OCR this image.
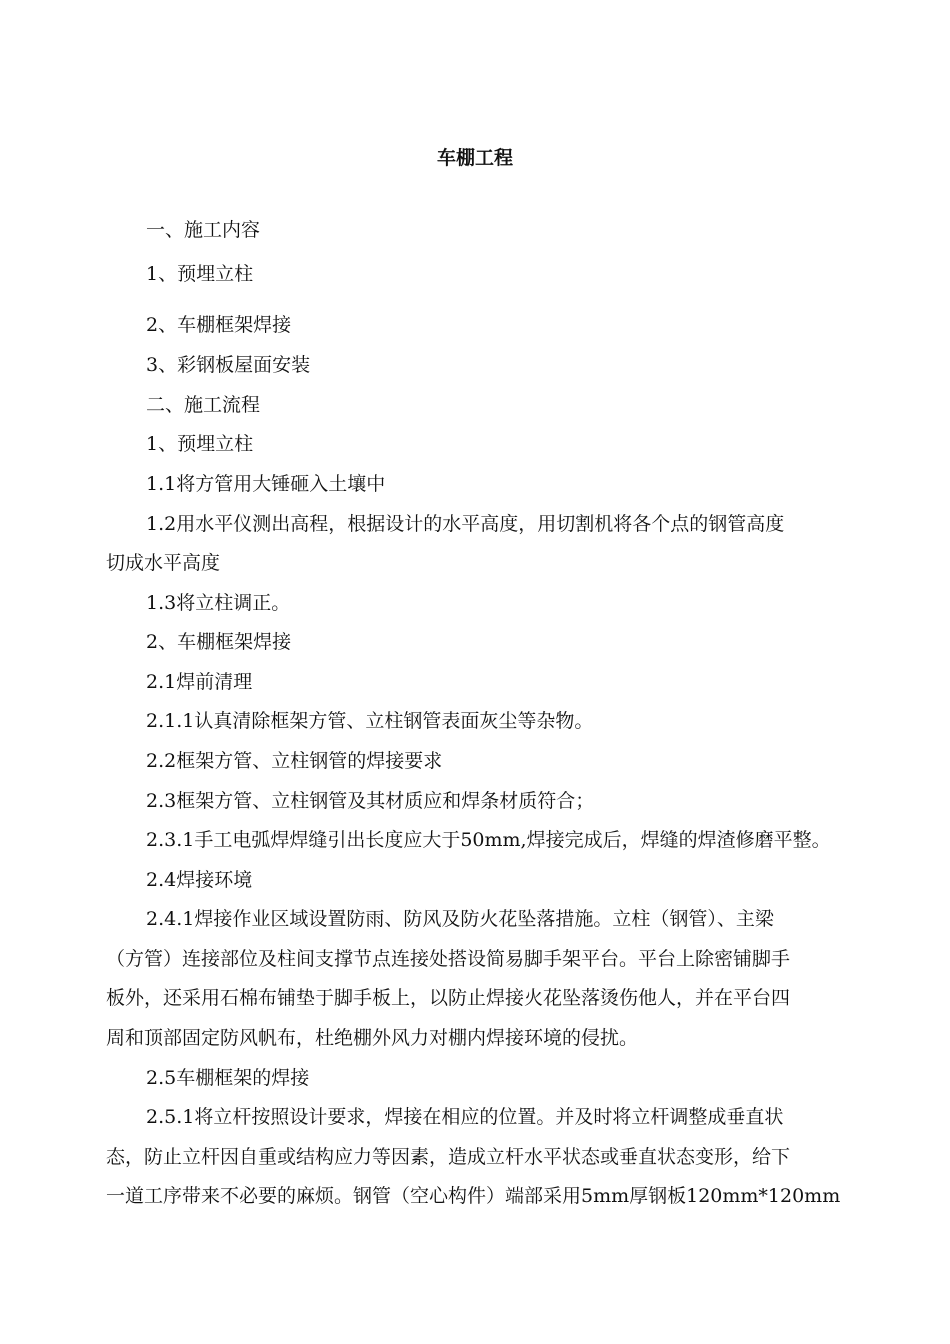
车棚工程
一、施工内容
1、预埋立柱
2、车棚框架焊接
3、彩钢板屋面安装
二、施工流程
1、预埋立柱
1.1将方管用大锤砸入土壤中
1.2用水平仪测出高程，根据设计的水平高度，用切割机将各个点的钢管高度
切成水平高度
1.3将立柱调正。
2、车棚框架焊接
2.1焊前清理
2.1.1认真清除框架方管、立柱钢管表面灰尘等杂物。
2.2框架方管、立柱钢管的焊接要求
2.3框架方管、立柱钢管及其材质应和焊条材质符合；
2.3.1手工电弧焊焊缝引出长度应大于50mm,焊接完成后，焊缝的焊渣修磨平整。
2.4焊接环境
2.4.1焊接作业区域设置防雨、防风及防火花坠落措施。立柱（钢管）、主梁
（方管）连接部位及柱间支撑节点连接处搭设简易脚手架平台。平台上除密铺脚手
板外，还采用石棉布铺垫于脚手板上，以防止焊接火花坠落烫伤他人，并在平台四
周和顶部固定防风帆布，杜绝棚外风力对棚内焊接环境的侵扰。
2.5车棚框架的焊接
2.5.1将立杆按照设计要求，焊接在相应的位置。并及时将立杆调整成垂直状
态，防止立杆因自重或结构应力等因素，造成立杆水平状态或垂直状态变形，给下
一道工序带来不必要的麻烦。钢管（空心构件）端部采用5mm厚钢板120mm*120mm
